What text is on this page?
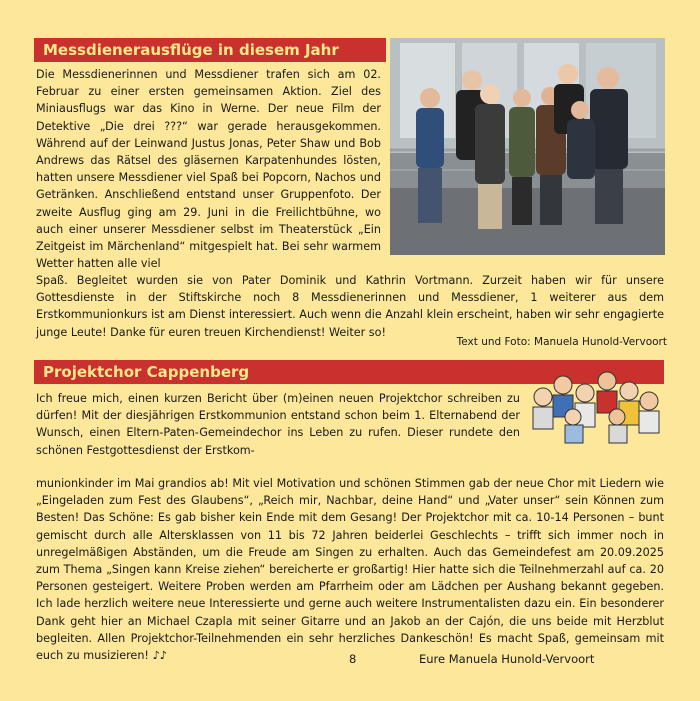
Messdienerausflüge in diesem Jahr

Die Messdienerinnen und Messdiener trafen sich am 02. Februar zu einer ersten gemeinsamen Aktion. Ziel des Miniausflugs war das Kino in Werne. Der neue Film der Detektive „Die drei ???“ war gerade herausgekommen. Während auf der Leinwand Justus Jonas, Peter Shaw und Bob Andrews das Rätsel des gläsernen Karpatenhundes lösten, hatten unsere Messdiener viel Spaß bei Popcorn, Nachos und Getränken. Anschließend entstand unser Gruppenfoto. Der zweite Ausflug ging am 29. Juni in die Freilichtbühne, wo auch einer unserer Messdiener selbst im Theaterstück „Ein Zeitgeist im Märchenland“ mitgespielt hat. Bei sehr warmem Wetter hatten alle viel

Spaß. Begleitet wurden sie von Pater Dominik und Kathrin Vortmann. Zurzeit haben wir für unsere Gottesdienste in der Stiftskirche noch 8 Messdienerinnen und Messdiener, 1 weiterer aus dem Erstkommunionkurs ist am Dienst interessiert. Auch wenn die Anzahl klein erscheint, haben wir sehr engagierte junge Leute! Danke für euren treuen Kirchendienst! Weiter so!

Text und Foto: Manuela Hunold-Vervoort

Projektchor Cappenberg	♪

Ich freue mich, einen kurzen Bericht über (m)einen neuen Projektchor schreiben zu dürfen! Mit der diesjährigen Erstkommunion entstand schon beim 1. Elternabend der Wunsch, einen Eltern-Paten-Gemeindechor ins Leben zu rufen. Dieser rundete den schönen Festgottesdienst der Erstkom-

munionkinder im Mai grandios ab! Mit viel Motivation und schönen Stimmen gab der neue Chor mit Liedern wie „Eingeladen zum Fest des Glaubens“, „Reich mir, Nachbar, deine Hand“ und „Vater unser“ sein Können zum Besten! Das Schöne: Es gab bisher kein Ende mit dem Gesang! Der Projektchor mit ca. 10-14 Personen – bunt gemischt durch alle Altersklassen von 11 bis 72 Jahren beiderlei Geschlechts – trifft sich immer noch in unregelmäßigen Abständen, um die Freude am Singen zu erhalten. Auch das Gemeindefest am 20.09.2025 zum Thema „Singen kann Kreise ziehen“ bereicherte er großartig! Hier hatte sich die Teilnehmerzahl auf ca. 20 Personen gesteigert. Weitere Proben werden am Pfarrheim oder am Lädchen per Aushang bekannt gegeben. Ich lade herzlich weitere neue Interessierte und gerne auch weitere Instrumentalisten dazu ein. Ein besonderer Dank geht hier an Michael Czapla mit seiner Gitarre und an Jakob an der Cajón, die uns beide mit Herzblut begleiten. Allen Projektchor-Teilnehmenden ein sehr herzliches Dankeschön! Es macht Spaß, gemeinsam mit euch zu musizieren! ♪♪	8	Eure Manuela Hunold-Vervoort
